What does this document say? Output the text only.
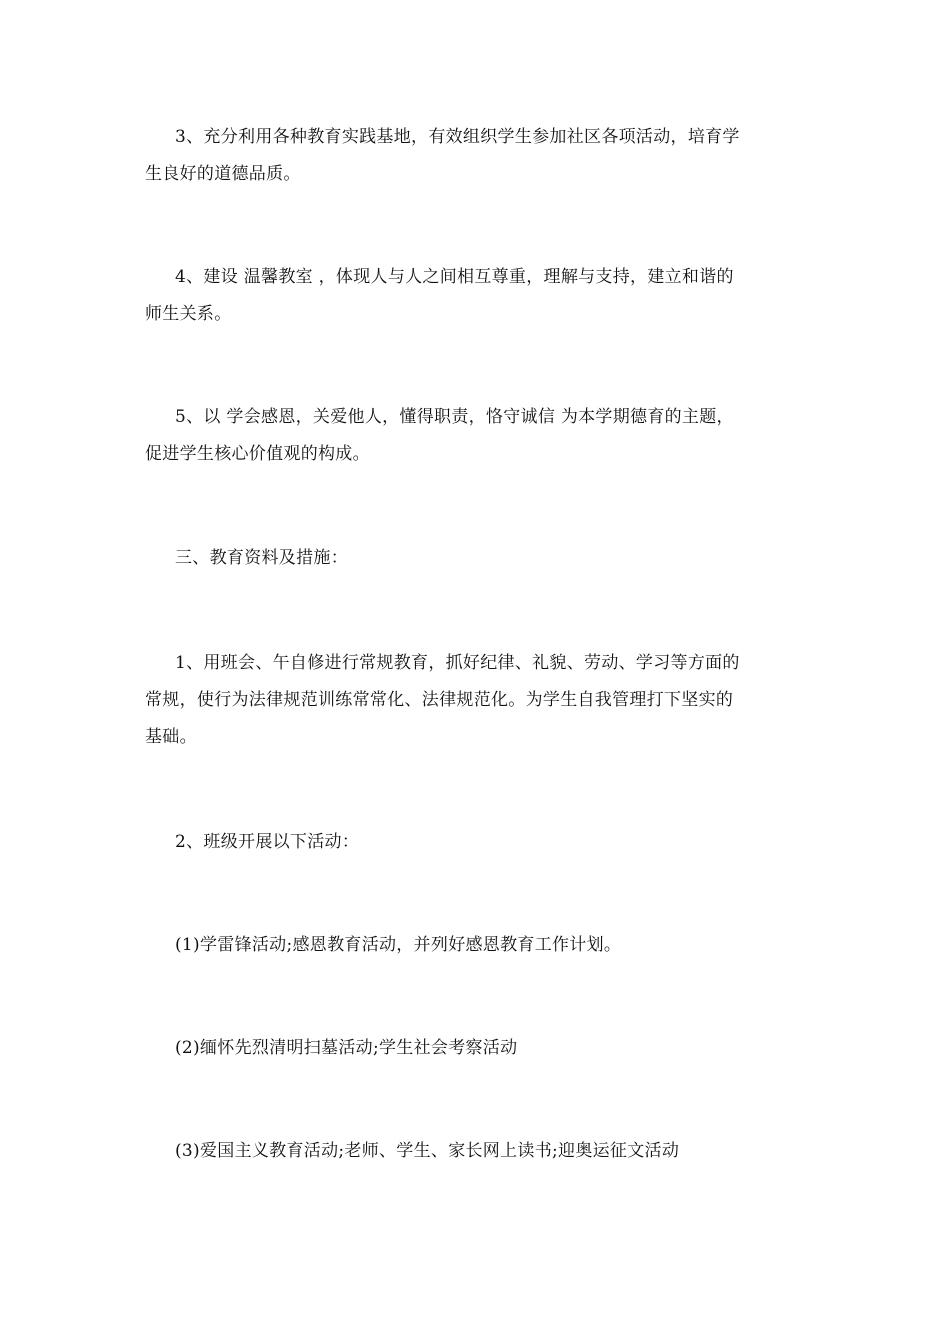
3、充分利用各种教育实践基地，有效组织学生参加社区各项活动，培育学
生良好的道德品质。

4、建设 温馨教室 ，体现人与人之间相互尊重，理解与支持，建立和谐的
师生关系。

5、以 学会感恩，关爱他人，懂得职责，恪守诚信 为本学期德育的主题，
促进学生核心价值观的构成。

三、教育资料及措施：

1、用班会、午自修进行常规教育，抓好纪律、礼貌、劳动、学习等方面的
常规，使行为法律规范训练常常化、法律规范化。为学生自我管理打下坚实的
基础。

2、班级开展以下活动：

(1)学雷锋活动;感恩教育活动，并列好感恩教育工作计划。

(2)缅怀先烈清明扫墓活动;学生社会考察活动

(3)爱国主义教育活动;老师、学生、家长网上读书;迎奥运征文活动
